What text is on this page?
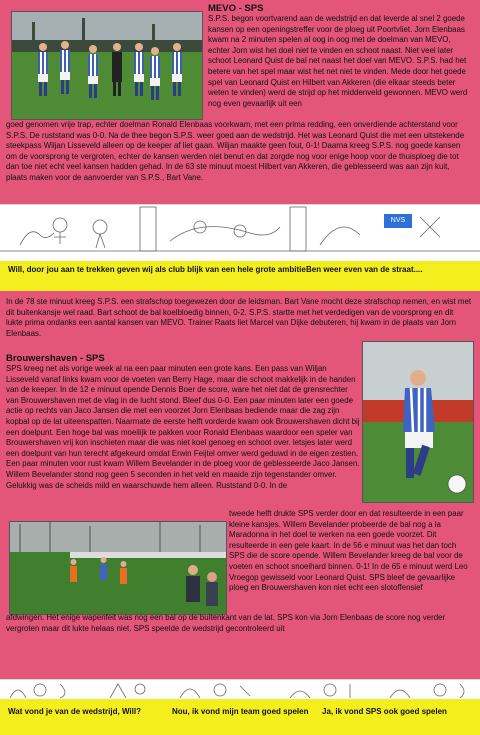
MEVO - SPS

S.P.S. begon voortvarend aan de wedstrijd en dat leverde al snel 2 goede kansen op een openingstreffer voor de ploeg uit Poortvliet. Jorn Elenbaas kwam na 2 minuten spelen al oog in oog met de doelman van MEVO, echter Jorn wist het doel niet te vinden en schoot naast. Niet veel later schoot Leonard Quist de bal net naast het doel van MEVO. S.P.S. had het betere van het spel maar wist het net niet te vinden. Mede door het goede spel van Leonard Quist en Hilbert van Akkeren (die elkaar steeds beter weten te vinden) werd de strijd op het middenveld gewonnen. MEVO werd nog even gevaarlijk uit een

goed genomen vrije trap, echter doelman Ronald Elenbaas voorkwam, met een prima redding, een onverdiende achterstand voor S.P.S. De ruststand was 0-0. Na de thee begon S.P.S. weer goed aan de wedstrijd. Het was Leonard Quist die met een uitstekende steekpass Wiljan Lisseveld alleen op de keeper af liet gaan. Wiljan maakte geen fout, 0-1! Daarna kreeg S.P.S. nog goede kansen om de voorsprong te vergroten, echter de kansen werden niet benut en dat zorgde nog voor enige hoop voor de thuisploeg die tot dan toe niet echt veel kansen hadden gehad. In de 63 ste minuut moest Hilbert van Akkeren, die geblesseerd was aan zijn kuit, plaats maken voor de aanvoerder van S.P.S., Bart Vane.

NVS
Will, door jou aan te trekken geven wij als club blijk van een hele grote ambitie Ben weer even van de straat....

In de 78 ste minuut kreeg S.P.S. een strafschop toegewezen door de leidsman. Bart Vane mocht deze strafschop nemen, en wist met dit buitenkansje wel raad. Bart schoot de bal koelbloedig binnen, 0-2. S.P.S. startte met het verdedigen van de voorsprong en dit lukte prima ondanks een aantal kansen van MEVO. Trainer Raats liet Marcel van Dijke debuteren, hij kwam in de plaats van Jorn Elenbaas.

Brouwershaven - SPS

SPS kreeg net als vorige week al na een paar minuten een grote kans. Een pass van Wiljan Lisseveld vanaf links kwam voor de voeten van Berry Hage, maar die schoot makkelijk in de handen van de keeper. In de 12 e minuut opende Dennis Boer de score, ware het niet dat de grensrechter van Brouwershaven met de vlag in de lucht stond. Bleef dus 0-0. Een paar minuten later een goede actie op rechts van Jaco Jansen die met een voorzet Jorn Elenbaas bediende maar die zag zijn kopbal op de lat uiteenspatten. Naarmate de eerste helft vorderde kwam ook Brouwershaven dicht bij een doelpunt. Een hoge bal was moeilijk te pakken voor Ronald Elenbaas waardoor een speler van Brouwershaven vrij kon inschieten maar die was niet koel genoeg en schoot over. letsjes later werd een doelpunt van hun terecht afgekeurd omdat Erwin Feijtel omver werd geduwd in de eigen zestien. Een paar minuten voor rust kwam Willem Bevelander in de ploeg voor de geblesseerde Jaco Jansen. Willem Bevelander stond nog geen 5 seconden in het veld en maaide zijn tegenstander omver. Gelukkig was de scheids mild en waarschuwde hem alleen. Ruststand 0-0. In de

tweede helft drukte SPS verder door en dat resulteerde in een paar kleine kansjes. Willem Bevelander probeerde de bal nog a la Maradonna in het doel te werken na een goede voorzet. Dit resulteerde in een gele kaart. In de 56 e minuut was het dan toch SPS die de score opende. Willem Bevelander kreeg de bal voor de voeten en schoot snoeihard binnen. 0-1! In de 65 e minuut werd Leo Vroegop gewisseld voor Leonard Quist. SPS bleef de gevaarlijke ploeg en Brouwershaven kon niet echt een slotoffensief

afdwingen. Het enige wapenfeit was nog een bal op de buitenkant van de lat. SPS kon via Jorn Elenbaas de score nog verder vergroten maar dit lukte helaas niet. SPS speelde de wedstrijd gecontroleerd uit

Wat vond je van de wedstrijd, Will?	Nou, ik vond mijn team goed spelen	Ja, ik vond SPS ook goed spelen
